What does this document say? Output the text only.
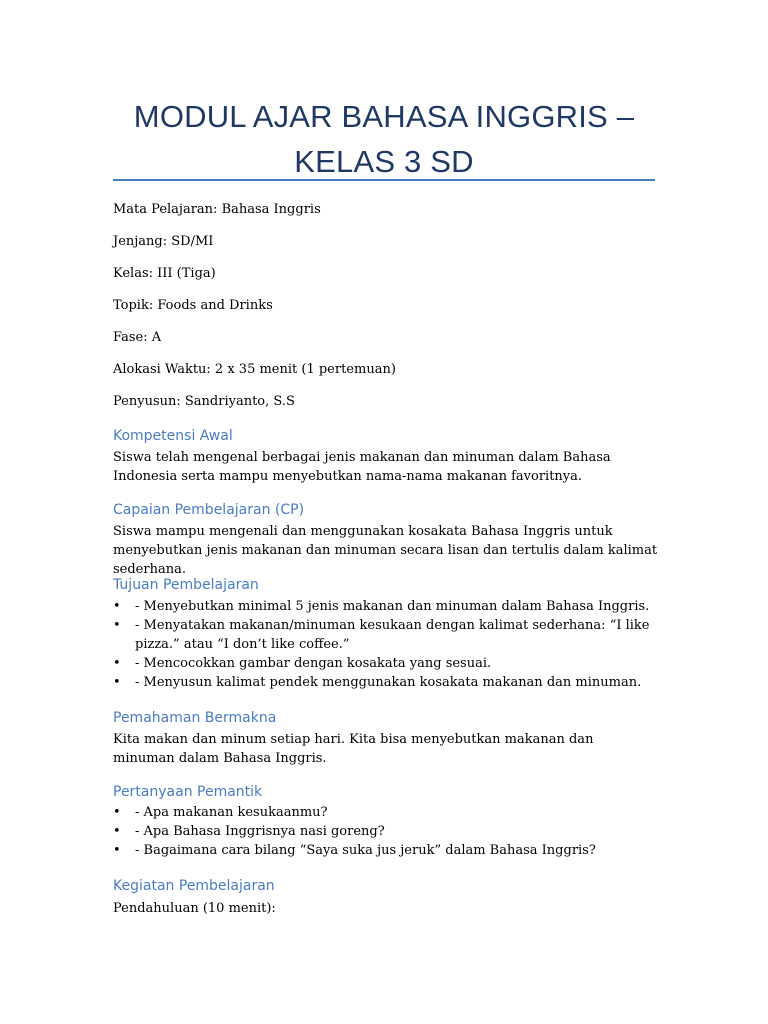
MODUL AJAR BAHASA INGGRIS – KELAS 3 SD
Mata Pelajaran: Bahasa Inggris
Jenjang: SD/MI
Kelas: III (Tiga)
Topik: Foods and Drinks
Fase: A
Alokasi Waktu: 2 x 35 menit (1 pertemuan)
Penyusun: Sandriyanto, S.S
Kompetensi Awal
Siswa telah mengenal berbagai jenis makanan dan minuman dalam Bahasa Indonesia serta mampu menyebutkan nama-nama makanan favoritnya.
Capaian Pembelajaran (CP)
Siswa mampu mengenali dan menggunakan kosakata Bahasa Inggris untuk menyebutkan jenis makanan dan minuman secara lisan dan tertulis dalam kalimat sederhana.
Tujuan Pembelajaran
• - Menyebutkan minimal 5 jenis makanan dan minuman dalam Bahasa Inggris.
• - Menyatakan makanan/minuman kesukaan dengan kalimat sederhana: “I like pizza.” atau “I don’t like coffee.”
• - Mencocokkan gambar dengan kosakata yang sesuai.
• - Menyusun kalimat pendek menggunakan kosakata makanan dan minuman.
Pemahaman Bermakna
Kita makan dan minum setiap hari. Kita bisa menyebutkan makanan dan minuman dalam Bahasa Inggris.
Pertanyaan Pemantik
• - Apa makanan kesukaanmu?
• - Apa Bahasa Inggrisnya nasi goreng?
• - Bagaimana cara bilang “Saya suka jus jeruk” dalam Bahasa Inggris?
Kegiatan Pembelajaran
Pendahuluan (10 menit):
